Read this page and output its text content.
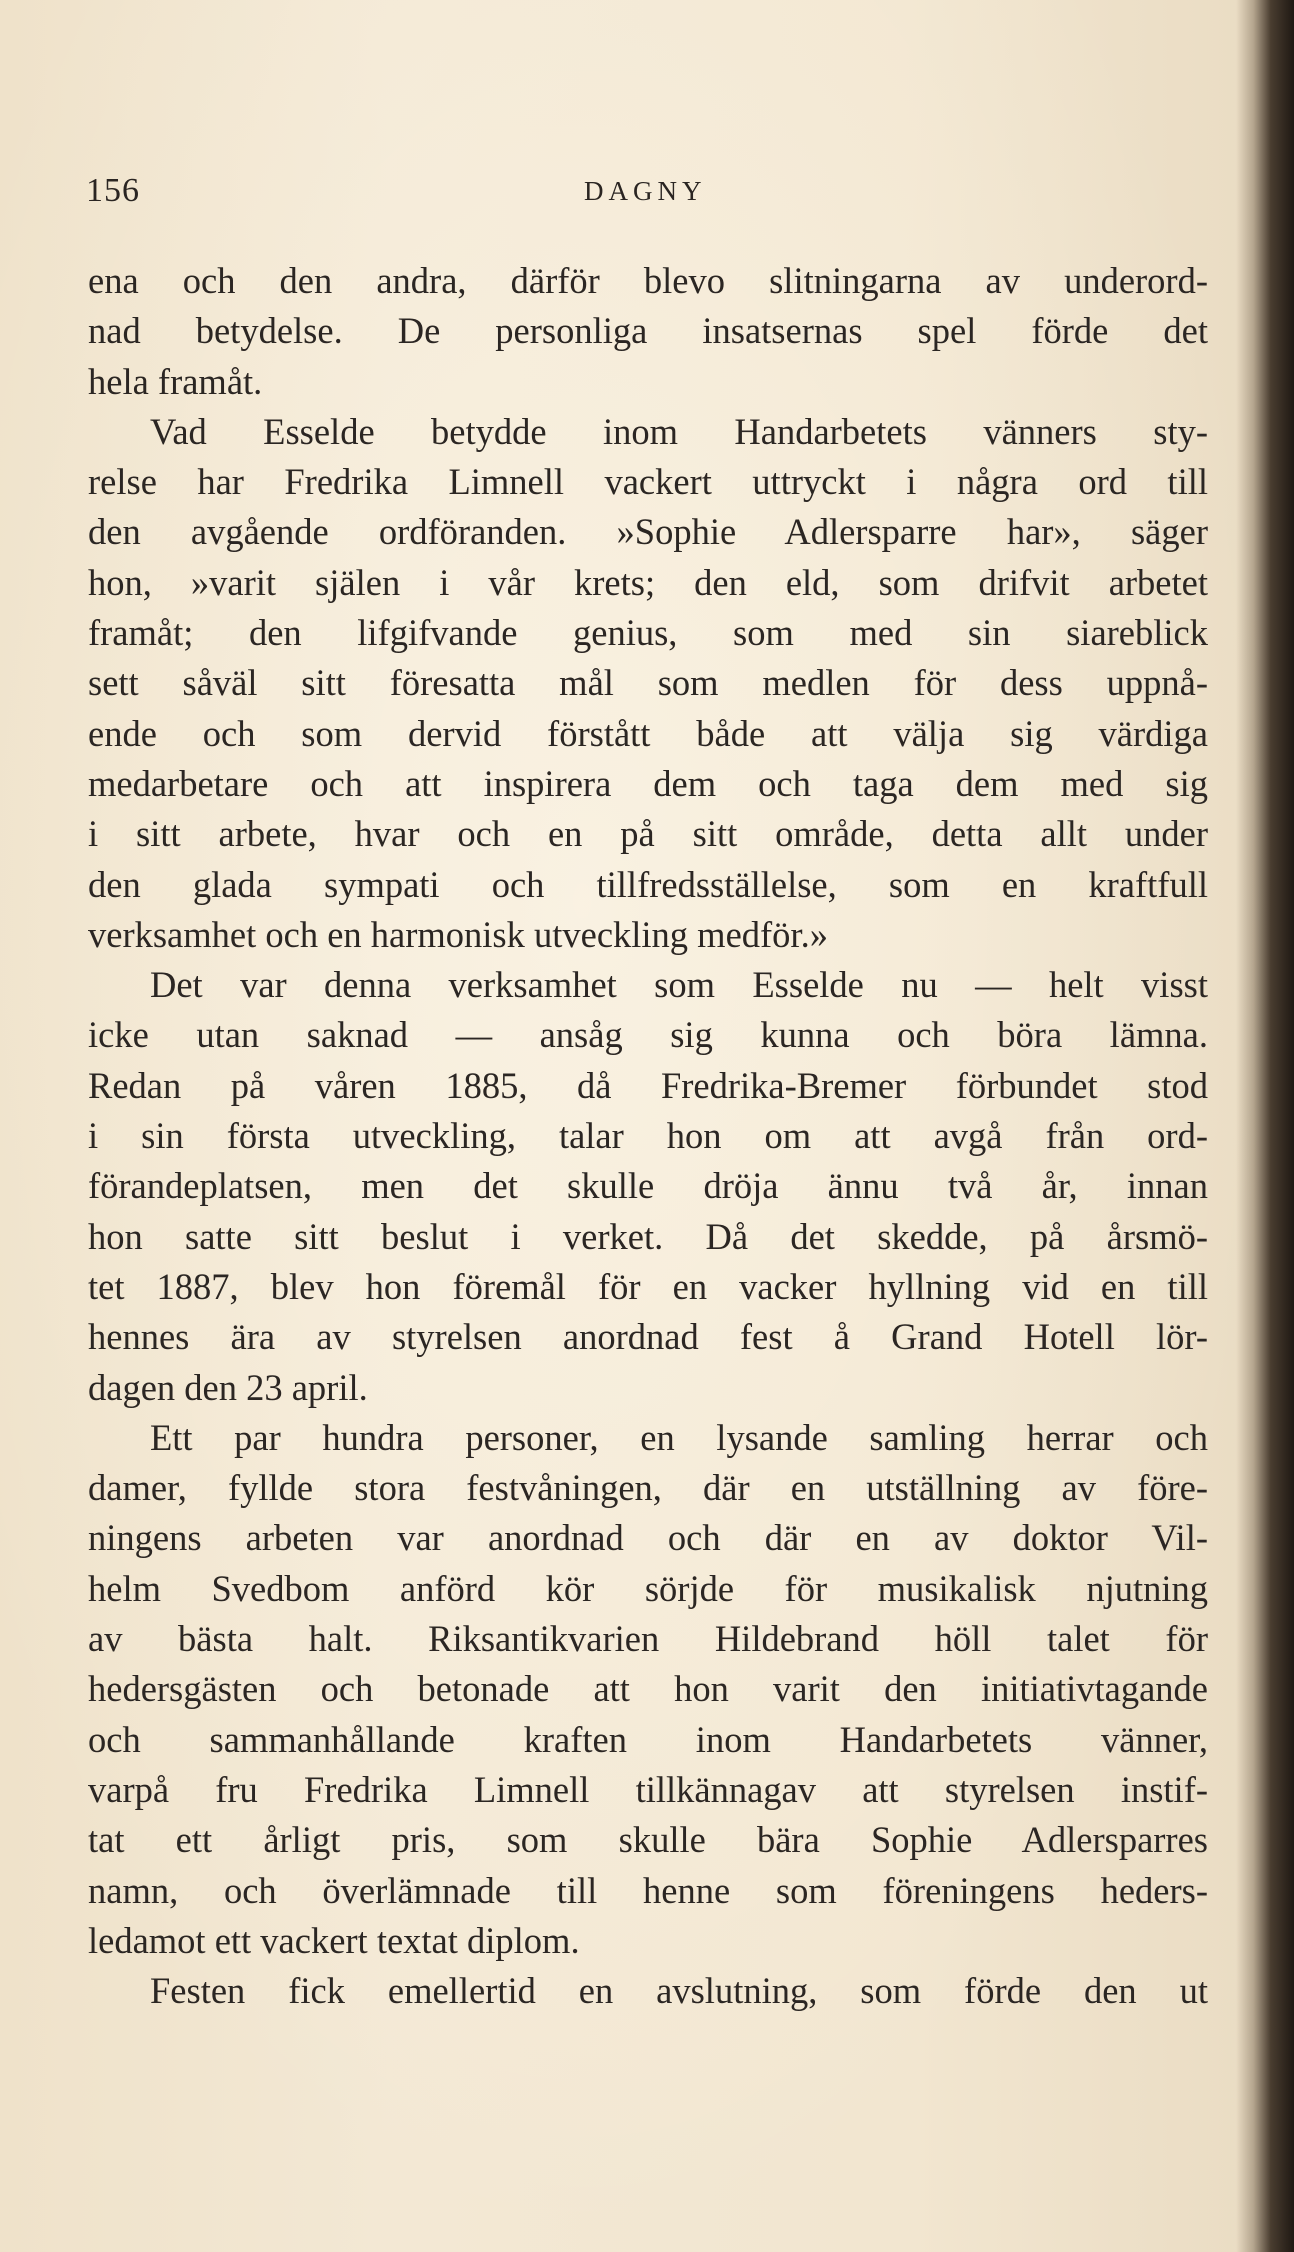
156	DAGNY
ena och den andra, därför blevo slitningarna av underord-
nad betydelse. De personliga insatsernas spel förde det
hela framåt.
Vad Esselde betydde inom Handarbetets vänners sty-
relse har Fredrika Limnell vackert uttryckt i några ord till
den avgående ordföranden. »Sophie Adlersparre har», säger
hon, »varit själen i vår krets; den eld, som drifvit arbetet
framåt; den lifgifvande genius, som med sin siareblick
sett såväl sitt föresatta mål som medlen för dess uppnå-
ende och som dervid förstått både att välja sig värdiga
medarbetare och att inspirera dem och taga dem med sig
i sitt arbete, hvar och en på sitt område, detta allt under
den glada sympati och tillfredsställelse, som en kraftfull
verksamhet och en harmonisk utveckling medför.»
Det var denna verksamhet som Esselde nu — helt visst
icke utan saknad — ansåg sig kunna och böra lämna.
Redan på våren 1885, då Fredrika-Bremer förbundet stod
i sin första utveckling, talar hon om att avgå från ord-
förandeplatsen, men det skulle dröja ännu två år, innan
hon satte sitt beslut i verket. Då det skedde, på årsmö-
tet 1887, blev hon föremål för en vacker hyllning vid en till
hennes ära av styrelsen anordnad fest å Grand Hotell lör-
dagen den 23 april.
Ett par hundra personer, en lysande samling herrar och
damer, fyllde stora festvåningen, där en utställning av före-
ningens arbeten var anordnad och där en av doktor Vil-
helm Svedbom anförd kör sörjde för musikalisk njutning
av bästa halt. Riksantikvarien Hildebrand höll talet för
hedersgästen och betonade att hon varit den initiativtagande
och sammanhållande kraften inom Handarbetets vänner,
varpå fru Fredrika Limnell tillkännagav att styrelsen instif-
tat ett årligt pris, som skulle bära Sophie Adlersparres
namn, och överlämnade till henne som föreningens heders-
ledamot ett vackert textat diplom.
Festen fick emellertid en avslutning, som förde den ut
